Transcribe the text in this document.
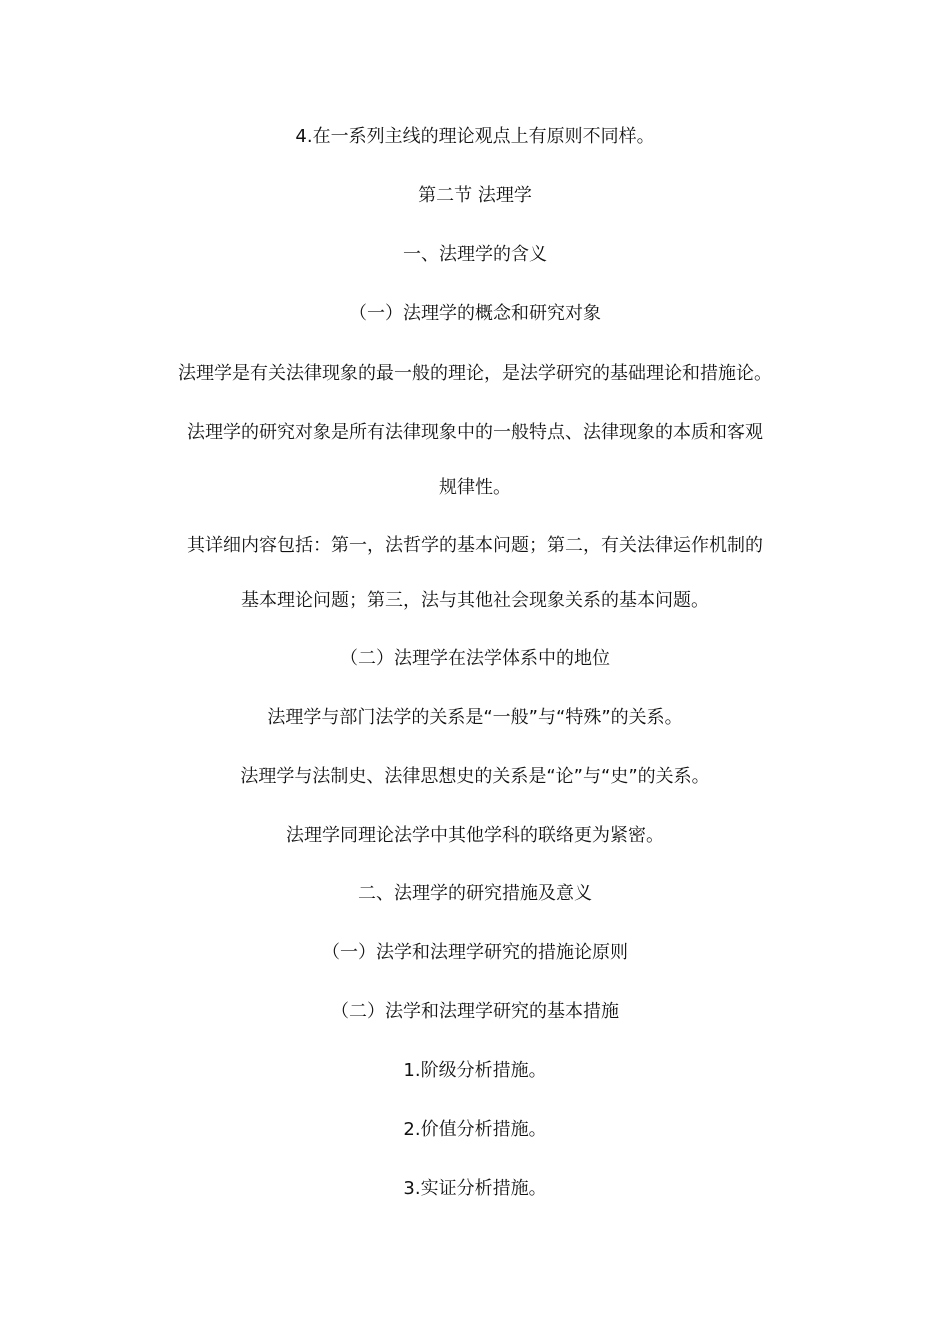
4.在一系列主线的理论观点上有原则不同样。
第二节 法理学
一、法理学的含义
（一）法理学的概念和研究对象
法理学是有关法律现象的最一般的理论，是法学研究的基础理论和措施论。
法理学的研究对象是所有法律现象中的一般特点、法律现象的本质和客观
规律性。
其详细内容包括：第一，法哲学的基本问题；第二，有关法律运作机制的
基本理论问题；第三，法与其他社会现象关系的基本问题。
（二）法理学在法学体系中的地位
法理学与部门法学的关系是“一般”与“特殊”的关系。
法理学与法制史、法律思想史的关系是“论”与“史”的关系。
法理学同理论法学中其他学科的联络更为紧密。
二、法理学的研究措施及意义
（一）法学和法理学研究的措施论原则
（二）法学和法理学研究的基本措施
1.阶级分析措施。
2.价值分析措施。
3.实证分析措施。
